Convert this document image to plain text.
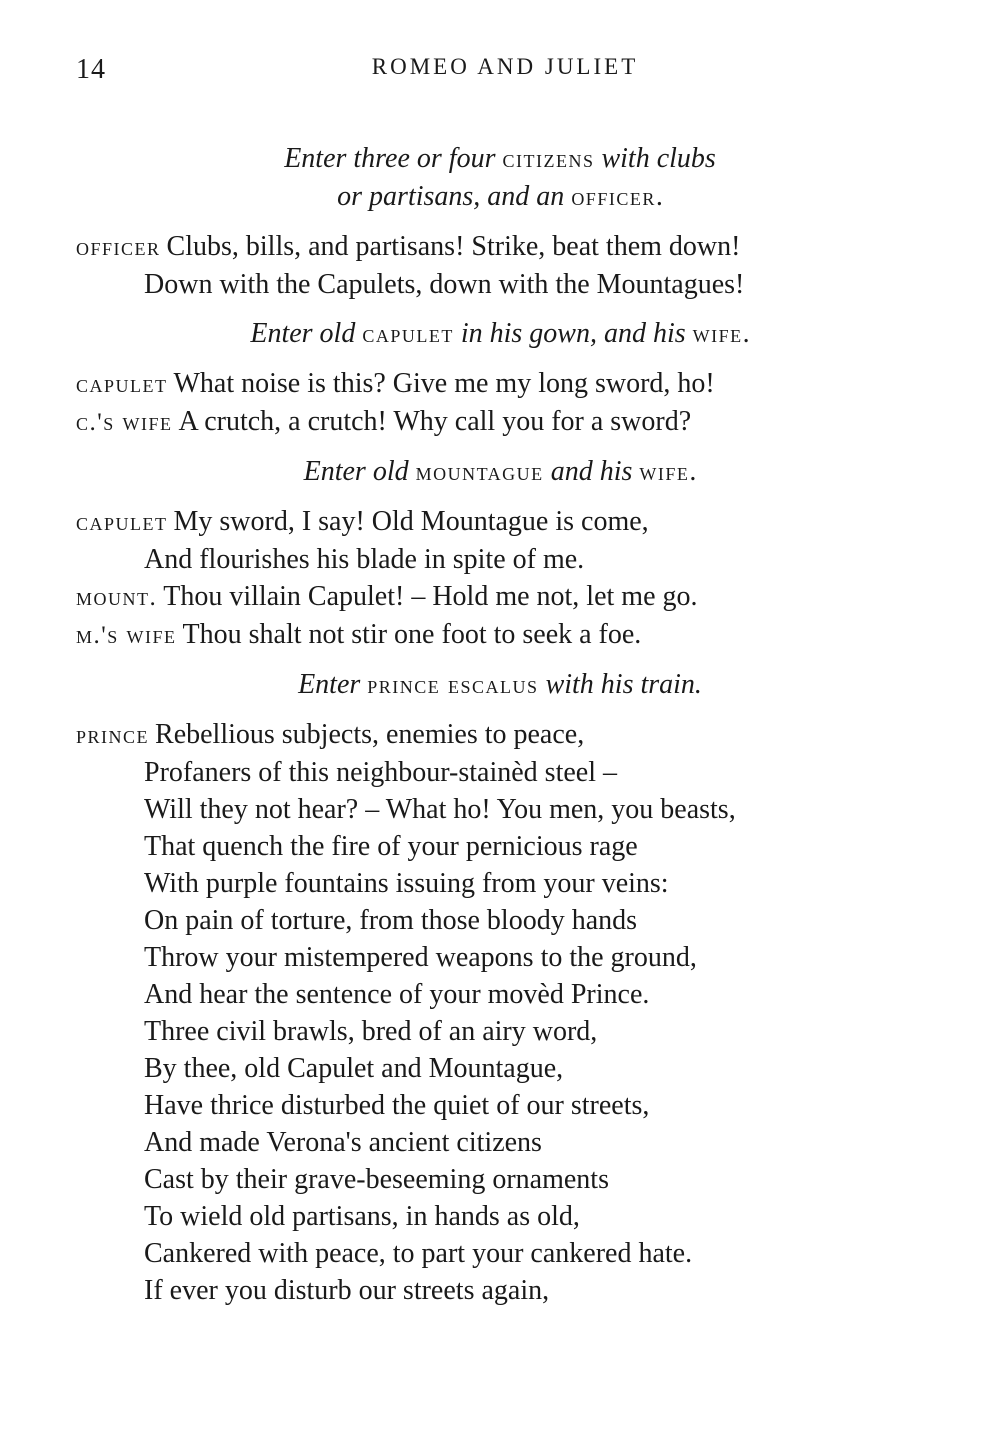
14	ROMEO AND JULIET
Enter three or four citizens with clubs
or partisans, and an officer.
officer Clubs, bills, and partisans! Strike, beat them down!
Down with the Capulets, down with the Mountagues!
Enter old capulet in his gown, and his wife.
capulet What noise is this? Give me my long sword, ho!
c.'s wife A crutch, a crutch! Why call you for a sword?
Enter old mountague and his wife.
capulet My sword, I say! Old Mountague is come,
And flourishes his blade in spite of me.
mount. Thou villain Capulet! – Hold me not, let me go.
m.'s wife Thou shalt not stir one foot to seek a foe.
Enter prince escalus with his train.
prince Rebellious subjects, enemies to peace,
Profaners of this neighbour-stainèd steel –
Will they not hear? – What ho! You men, you beasts,
That quench the fire of your pernicious rage
With purple fountains issuing from your veins:
On pain of torture, from those bloody hands
Throw your mistempered weapons to the ground,
And hear the sentence of your movèd Prince.
Three civil brawls, bred of an airy word,
By thee, old Capulet and Mountague,
Have thrice disturbed the quiet of our streets,
And made Verona's ancient citizens
Cast by their grave-beseeming ornaments
To wield old partisans, in hands as old,
Cankered with peace, to part your cankered hate.
If ever you disturb our streets again,
